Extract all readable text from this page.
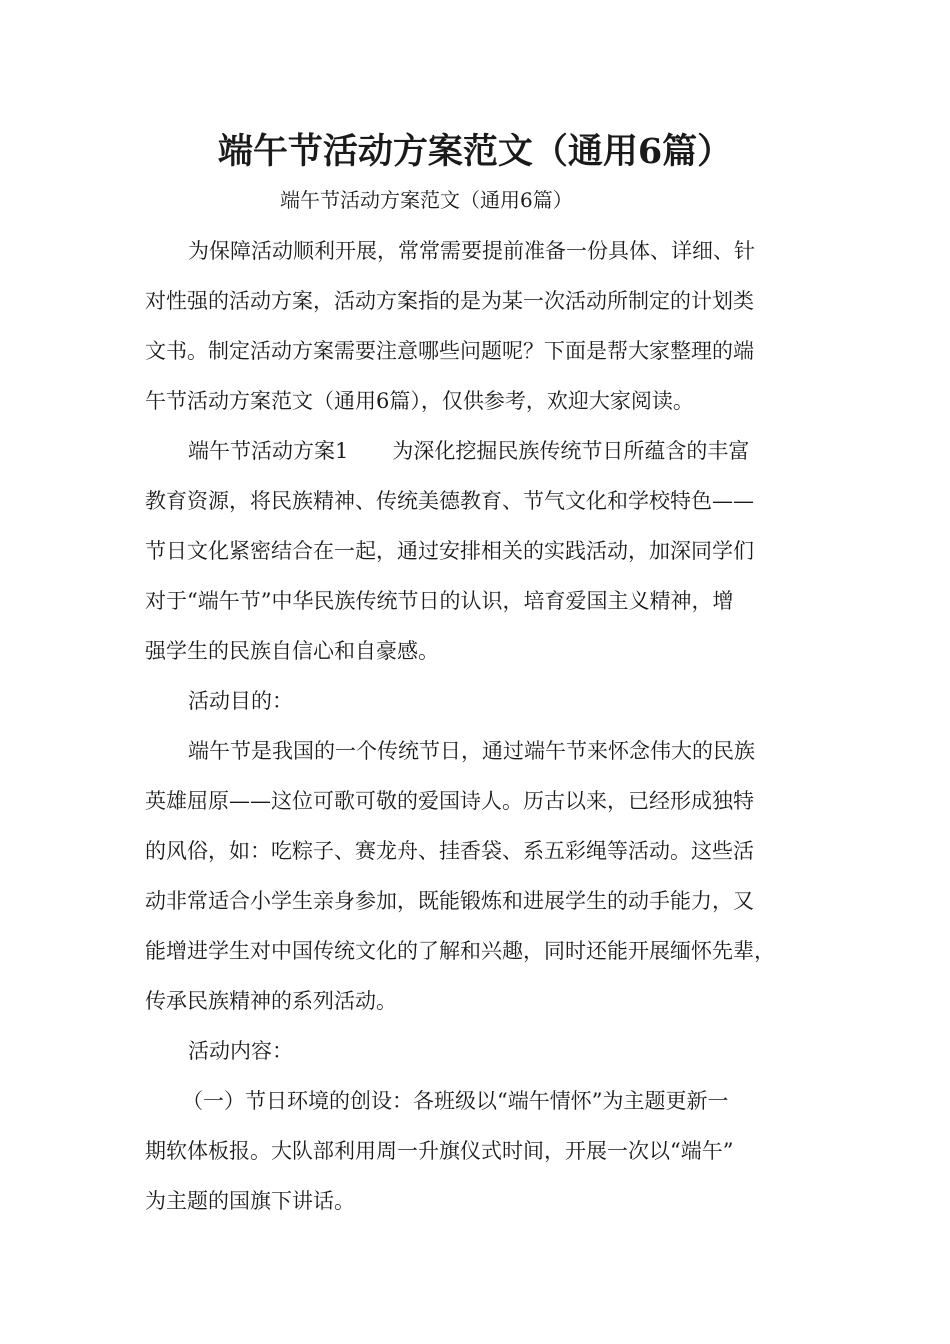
端午节活动方案范文（通用6篇）
端午节活动方案范文（通用6篇）
为保障活动顺利开展，常常需要提前准备一份具体、详细、针
对性强的活动方案，活动方案指的是为某一次活动所制定的计划类
文书。制定活动方案需要注意哪些问题呢？下面是帮大家整理的端
午节活动方案范文（通用6篇），仅供参考，欢迎大家阅读。
端午节活动方案1 为深化挖掘民族传统节日所蕴含的丰富
教育资源，将民族精神、传统美德教育、节气文化和学校特色——
节日文化紧密结合在一起，通过安排相关的实践活动，加深同学们
对于“端午节”中华民族传统节日的认识，培育爱国主义精神，增
强学生的民族自信心和自豪感。
活动目的：
端午节是我国的一个传统节日，通过端午节来怀念伟大的民族
英雄屈原——这位可歌可敬的爱国诗人。历古以来，已经形成独特
的风俗，如：吃粽子、赛龙舟、挂香袋、系五彩绳等活动。这些活
动非常适合小学生亲身参加，既能锻炼和进展学生的动手能力，又
能增进学生对中国传统文化的了解和兴趣，同时还能开展缅怀先辈，
传承民族精神的系列活动。
活动内容：
（一）节日环境的创设：各班级以“端午情怀”为主题更新一
期软体板报。大队部利用周一升旗仪式时间，开展一次以“端午”
为主题的国旗下讲话。
